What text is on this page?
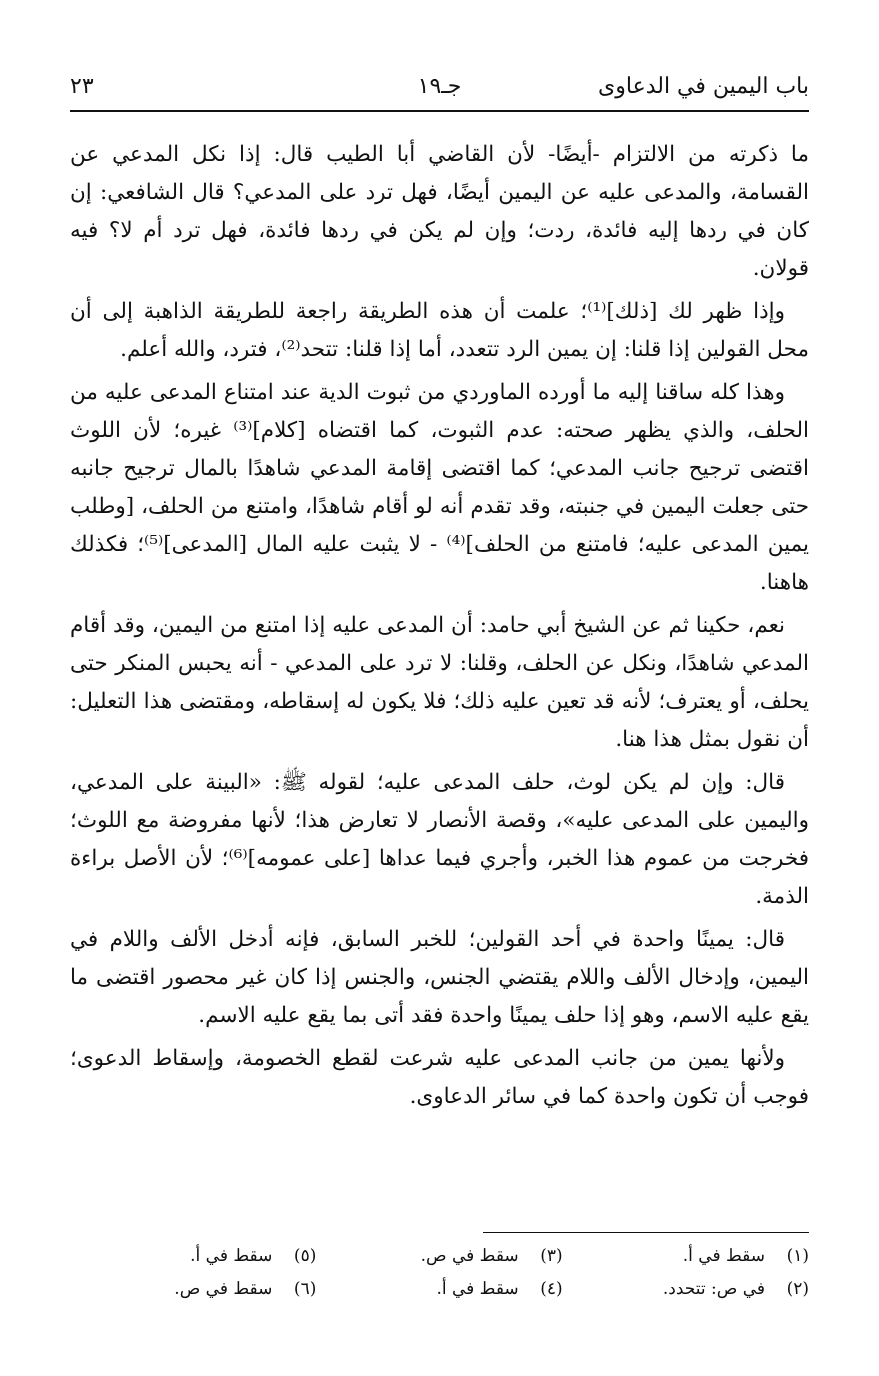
باب اليمين في الدعاوى
جـ١٩
٢٣

ما ذكرته من الالتزام -أيضًا- لأن القاضي أبا الطيب قال: إذا نكل المدعي عن القسامة، والمدعى عليه عن اليمين أيضًا، فهل ترد على المدعي؟ قال الشافعي: إن كان في ردها إليه فائدة، ردت؛ وإن لم يكن في ردها فائدة، فهل ترد أم لا؟ فيه قولان.

وإذا ظهر لك [ذلك]⁽¹⁾؛ علمت أن هذه الطريقة راجعة للطريقة الذاهبة إلى أن محل القولين إذا قلنا: إن يمين الرد تتعدد، أما إذا قلنا: تتحد⁽²⁾، فترد، والله أعلم.

وهذا كله ساقنا إليه ما أورده الماوردي من ثبوت الدية عند امتناع المدعى عليه من الحلف، والذي يظهر صحته: عدم الثبوت، كما اقتضاه [كلام]⁽³⁾ غيره؛ لأن اللوث اقتضى ترجيح جانب المدعي؛ كما اقتضى إقامة المدعي شاهدًا بالمال ترجيح جانبه حتى جعلت اليمين في جنبته، وقد تقدم أنه لو أقام شاهدًا، وامتنع من الحلف، [وطلب يمين المدعى عليه؛ فامتنع من الحلف]⁽⁴⁾ - لا يثبت عليه المال [المدعى]⁽⁵⁾؛ فكذلك هاهنا.

نعم، حكينا ثم عن الشيخ أبي حامد: أن المدعى عليه إذا امتنع من اليمين، وقد أقام المدعي شاهدًا، ونكل عن الحلف، وقلنا: لا ترد على المدعي - أنه يحبس المنكر حتى يحلف، أو يعترف؛ لأنه قد تعين عليه ذلك؛ فلا يكون له إسقاطه، ومقتضى هذا التعليل: أن نقول بمثل هذا هنا.

قال: وإن لم يكن لوث، حلف المدعى عليه؛ لقوله ﷺ: «البينة على المدعي، واليمين على المدعى عليه»، وقصة الأنصار لا تعارض هذا؛ لأنها مفروضة مع اللوث؛ فخرجت من عموم هذا الخبر، وأجري فيما عداها [على عمومه]⁽⁶⁾؛ لأن الأصل براءة الذمة.

قال: يمينًا واحدة في أحد القولين؛ للخبر السابق، فإنه أدخل الألف واللام في اليمين، وإدخال الألف واللام يقتضي الجنس، والجنس إذا كان غير محصور اقتضى ما يقع عليه الاسم، وهو إذا حلف يمينًا واحدة فقد أتى بما يقع عليه الاسم.

ولأنها يمين من جانب المدعى عليه شرعت لقطع الخصومة، وإسقاط الدعوى؛ فوجب أن تكون واحدة كما في سائر الدعاوى.

(١)سقط في أ.
(٢)في ص: تتحدد.
(٣)سقط في ص.
(٤)سقط في أ.
(٥)سقط في أ.
(٦)سقط في ص.
